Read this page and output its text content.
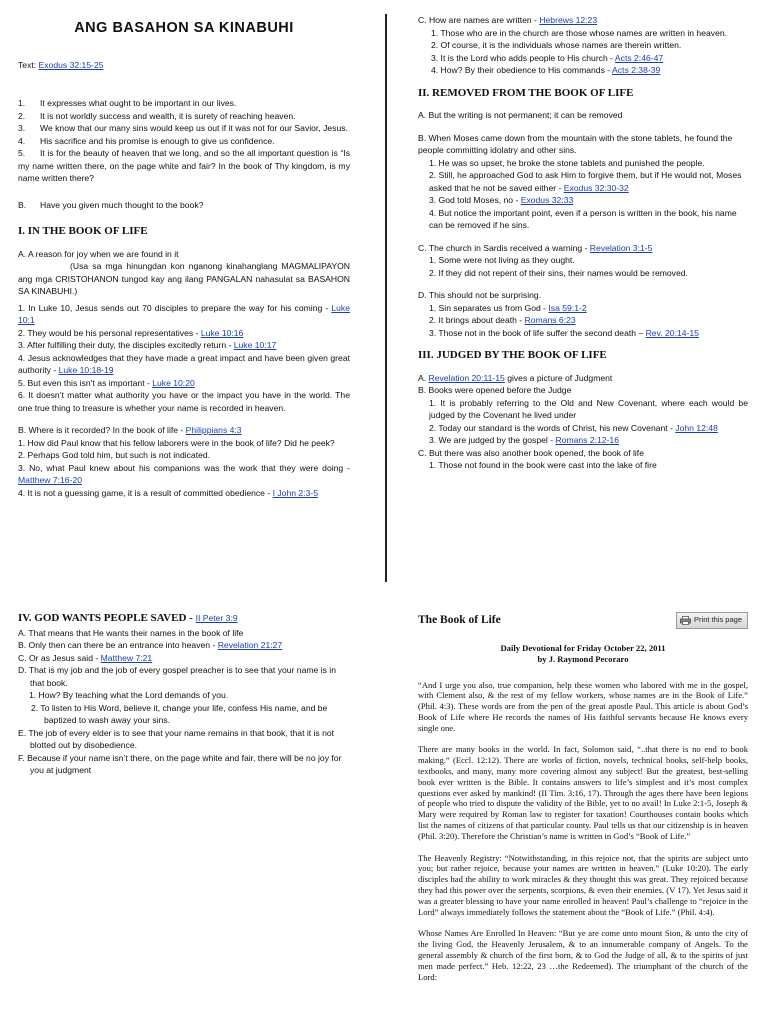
ANG BASAHON SA KINABUHI

Text: Exodus 32:15-25

1. It expresses what ought to be important in our lives.

2. It is not worldly success and wealth, it is surety of reaching heaven.

3. We know that our many sins would keep us out if it was not for our Savior, Jesus.

4. His sacrifice and his promise is enough to give us confidence.

5. It is for the beauty of heaven that we long, and so the all important question is “Is my name written there, on the page white and fair? In the book of Thy kingdom, is my name written there?

B. Have you given much thought to the book?

I. IN THE BOOK OF LIFE

A. A reason for joy when we are found in it

(Usa sa mga hinungdan kon nganong kinahanglang MAGMALIPAYON ang mga CRISTOHANON tungod kay ang ilang PANGALAN nahasulat sa BASAHON SA KINABUHI.)

1. In Luke 10, Jesus sends out 70 disciples to prepare the way for his coming - Luke 10:1

2. They would be his personal representatives - Luke 10:16

3. After fulfilling their duty, the disciples excitedly return - Luke 10:17

4. Jesus acknowledges that they have made a great impact and have been given great authority - Luke 10:18-19

5. But even this isn’t as important - Luke 10:20

6. It doesn’t matter what authority you have or the impact you have in the world. The one true thing to treasure is whether your name is recorded in heaven.

B. Where is it recorded? In the book of life - Philippians 4:3

1. How did Paul know that his fellow laborers were in the book of life? Did he peek?

2. Perhaps God told him, but such is not indicated.

3. No, what Paul knew about his companions was the work that they were doing - Matthew 7:16-20

4. It is not a guessing game, it is a result of committed obedience - I John 2:3-5

C. How are names are written - Hebrews 12:23

1. Those who are in the church are those whose names are written in heaven.

2. Of course, it is the individuals whose names are therein written.

3. It is the Lord who adds people to His church - Acts 2:46-47

4. How? By their obedience to His commands - Acts 2:38-39

II. REMOVED FROM THE BOOK OF LIFE

A. But the writing is not permanent; it can be removed

B. When Moses came down from the mountain with the stone tablets, he found the people committing idolatry and other sins.

1. He was so upset, he broke the stone tablets and punished the people.

2. Still, he approached God to ask Him to forgive them, but if He would not, Moses asked that he not be saved either - Exodus 32:30-32

3. God told Moses, no - Exodus 32:33

4. But notice the important point, even if a person is written in the book, his name can be removed if he sins.

C. The church in Sardis received a warning - Revelation 3:1-5

1. Some were not living as they ought.

2. If they did not repent of their sins, their names would be removed.

D. This should not be surprising.

1. Sin separates us from God - Isa 59:1-2

2. It brings about death - Romans 6:23

3. Those not in the book of life suffer the second death – Rev. 20:14-15

III. JUDGED BY THE BOOK OF LIFE

A. Revelation 20:11-15 gives a picture of Judgment

B. Books were opened before the Judge

1. It is probably referring to the Old and New Covenant, where each would be judged by the Covenant he lived under

2. Today our standard is the words of Christ, his new Covenant - John 12:48

3. We are judged by the gospel - Romans 2:12-16

C. But there was also another book opened, the book of life

1. Those not found in the book were cast into the lake of fire

IV. GOD WANTS PEOPLE SAVED - II Peter 3:9

A. That means that He wants their names in the book of life

B. Only then can there be an entrance into heaven - Revelation 21:27

C. Or as Jesus said - Matthew 7:21

D. That is my job and the job of every gospel preacher is to see that your name is in that book.

1. How? By teaching what the Lord demands of you.

2. To listen to His Word, believe it, change your life, confess His name, and be baptized to wash away your sins.

E. The job of every elder is to see that your name remains in that book, that it is not blotted out by disobedience.

F. Because if your name isn’t there, on the page white and fair, there will be no joy for you at judgment

The Book of Life	Print this page

Daily Devotional for Friday October 22, 2011

by J. Raymond Pecoraro

“And I urge you also, true companion, help these women who labored with me in the gospel, with Clement also, & the rest of my fellow workers, whose names are in the Book of Life.” (Phil. 4:3). These words are from the pen of the great apostle Paul. This article is about God’s Book of Life where He records the names of His faithful servants because He knows every single one.

There are many books in the world. In fact, Solomon said, “..that there is no end to book making.” (Eccl. 12:12). There are works of fiction, novels, technical books, self-help books, textbooks, and many, many more covering almost any subject! But the greatest, best-selling book ever written is the Bible. It contains answers to life’s simplest and it’s most complex questions ever asked by mankind! (II Tim. 3:16, 17). Through the ages there have been legions of people who tried to dispute the validity of the Bible, yet to no avail! In Luke 2:1-5, Joseph & Mary were required by Roman law to register for taxation! Courthouses contain books which list the names of citizens of that particular county. Paul tells us that our citizenship is in heaven (Phil. 3:20). Therefore the Christian’s name is written in God’s “Book of Life.”

The Heavenly Registry: “Notwithstanding, in this rejoice not, that the spirits are subject unto you; but rather rejoice, because your names are written in heaven.” (Luke 10:20). The early disciples had the ability to work miracles & they thought this was great. They rejoiced because they had this power over the serpents, scorpions, & even their enemies. (V 17). Yet Jesus said it was a greater blessing to have your name enrolled in heaven! Paul’s challenge to “rejoice in the Lord” always immediately follows the statement about the “Book of Life.” (Phil. 4:4).

Whose Names Are Enrolled In Heaven: “But ye are come unto mount Sion, & unto the city of the living God, the Heavenly Jerusalem, & to an innumerable company of Angels. To the general assembly & church of the first born, & to God the Judge of all, & to the spirits of just men made perfect.” Heb. 12:22, 23 …the Redeemed). The triumphant of the church of the Lord:
